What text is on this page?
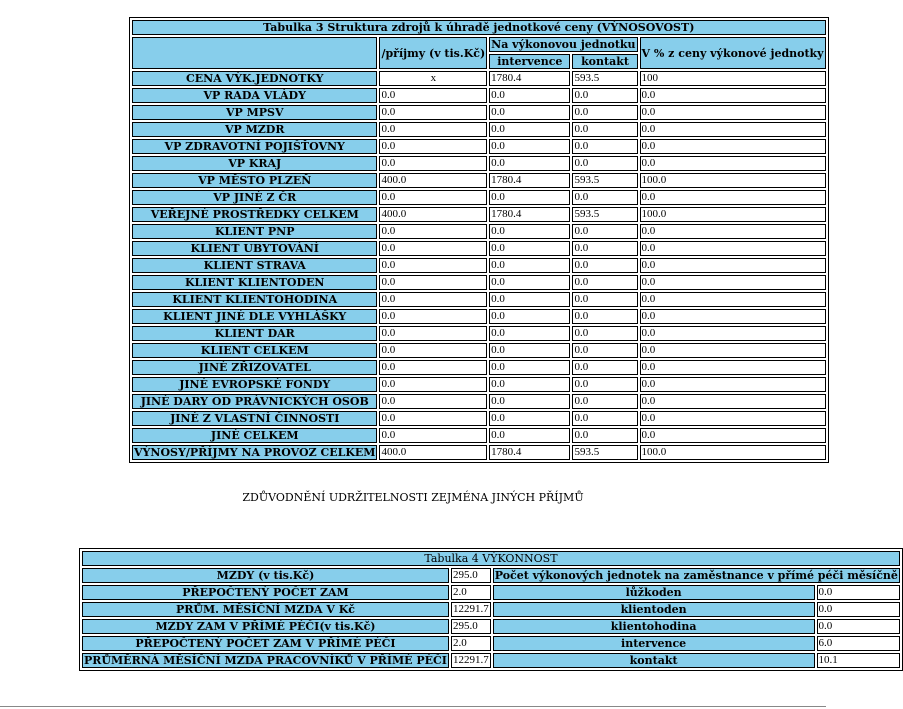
Tabulka 3 Struktura zdrojů k úhradě jednotkové ceny (VÝNOSOVOST)				
	/příjmy (v tis.Kč)	Na výkonovou jednotku		V % z ceny výkonové jednotky
		intervence	kontakt	
CENA VÝK.JEDNOTKY	x	1780.4	593.5	100
VP RADA VLÁDY	0.0	0.0	0.0	0.0
VP MPSV	0.0	0.0	0.0	0.0
VP MZDR	0.0	0.0	0.0	0.0
VP ZDRAVOTNÍ POJIŠŤOVNY	0.0	0.0	0.0	0.0
VP KRAJ	0.0	0.0	0.0	0.0
VP MĚSTO PLZEŇ	400.0	1780.4	593.5	100.0
VP JINÉ Z ČR	0.0	0.0	0.0	0.0
VEŘEJNÉ PROSTŘEDKY CELKEM	400.0	1780.4	593.5	100.0
KLIENT PNP	0.0	0.0	0.0	0.0
KLIENT UBYTOVÁNÍ	0.0	0.0	0.0	0.0
KLIENT STRAVA	0.0	0.0	0.0	0.0
KLIENT KLIENTODEN	0.0	0.0	0.0	0.0
KLIENT KLIENTOHODINA	0.0	0.0	0.0	0.0
KLIENT JINÉ DLE VYHLÁŠKY	0.0	0.0	0.0	0.0
KLIENT DAR	0.0	0.0	0.0	0.0
KLIENT CELKEM	0.0	0.0	0.0	0.0
JINÉ ZŘIZOVATEL	0.0	0.0	0.0	0.0
JINÉ EVROPSKÉ FONDY	0.0	0.0	0.0	0.0
JINÉ DARY OD PRÁVNICKÝCH OSOB	0.0	0.0	0.0	0.0
JINÉ Z VLASTNÍ ČINNOSTI	0.0	0.0	0.0	0.0
JINÉ CELKEM	0.0	0.0	0.0	0.0
VÝNOSY/PŘÍJMY NA PROVOZ CELKEM	400.0	1780.4	593.5	100.0
ZDŮVODNĚNÍ UDRŽITELNOSTI ZEJMÉNA JINÝCH PŘÍJMŮ
Tabulka 4 VÝKONNOST			
MZDY (v tis.Kč)	295.0	Počet výkonových jednotek na zaměstnance v přímé péči měsíčně	
PŘEPOČTENÝ POČET ZAM	2.0	lůžkoden	0.0
PRŮM. MĚSÍČNÍ MZDA V Kč	12291.7	klientoden	0.0
MZDY ZAM V PŘÍMÉ PÉČI(v tis.Kč)	295.0	klientohodina	0.0
PŘEPOČTENÝ POČET ZAM V PŘÍMÉ PÉČI	2.0	intervence	6.0
PRŮMĚRNÁ MĚSÍČNÍ MZDA PRACOVNÍKŮ V PŘÍMÉ PÉČI	12291.7	kontakt	10.1
